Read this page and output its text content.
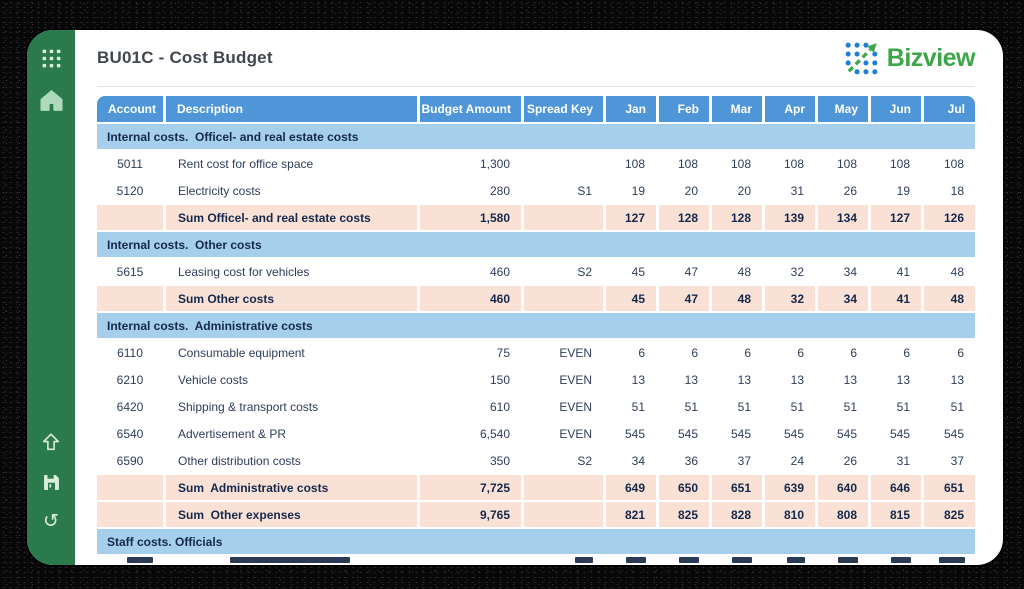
↺
BU01C - Cost Budget	Bizview
Account	Description	Budget Amount	Spread Key	Jan	Feb	Mar	Apr	May	Jun	Jul
Internal costs.  Officel- and real estate costs										
5011	Rent cost for office space	1,300		108	108	108	108	108	108	108
5120	Electricity costs	280	S1	19	20	20	31	26	19	18
	Sum Officel- and real estate costs	1,580		127	128	128	139	134	127	126
Internal costs.  Other costs										
5615	Leasing cost for vehicles	460	S2	45	47	48	32	34	41	48
	Sum Other costs	460		45	47	48	32	34	41	48
Internal costs.  Administrative costs										
6110	Consumable equipment	75	EVEN	6	6	6	6	6	6	6
6210	Vehicle costs	150	EVEN	13	13	13	13	13	13	13
6420	Shipping & transport costs	610	EVEN	51	51	51	51	51	51	51
6540	Advertisement & PR	6,540	EVEN	545	545	545	545	545	545	545
6590	Other distribution costs	350	S2	34	36	37	24	26	31	37
	Sum  Administrative costs	7,725		649	650	651	639	640	646	651
	Sum  Other expenses	9,765		821	825	828	810	808	815	825
Staff costs. Officials										
